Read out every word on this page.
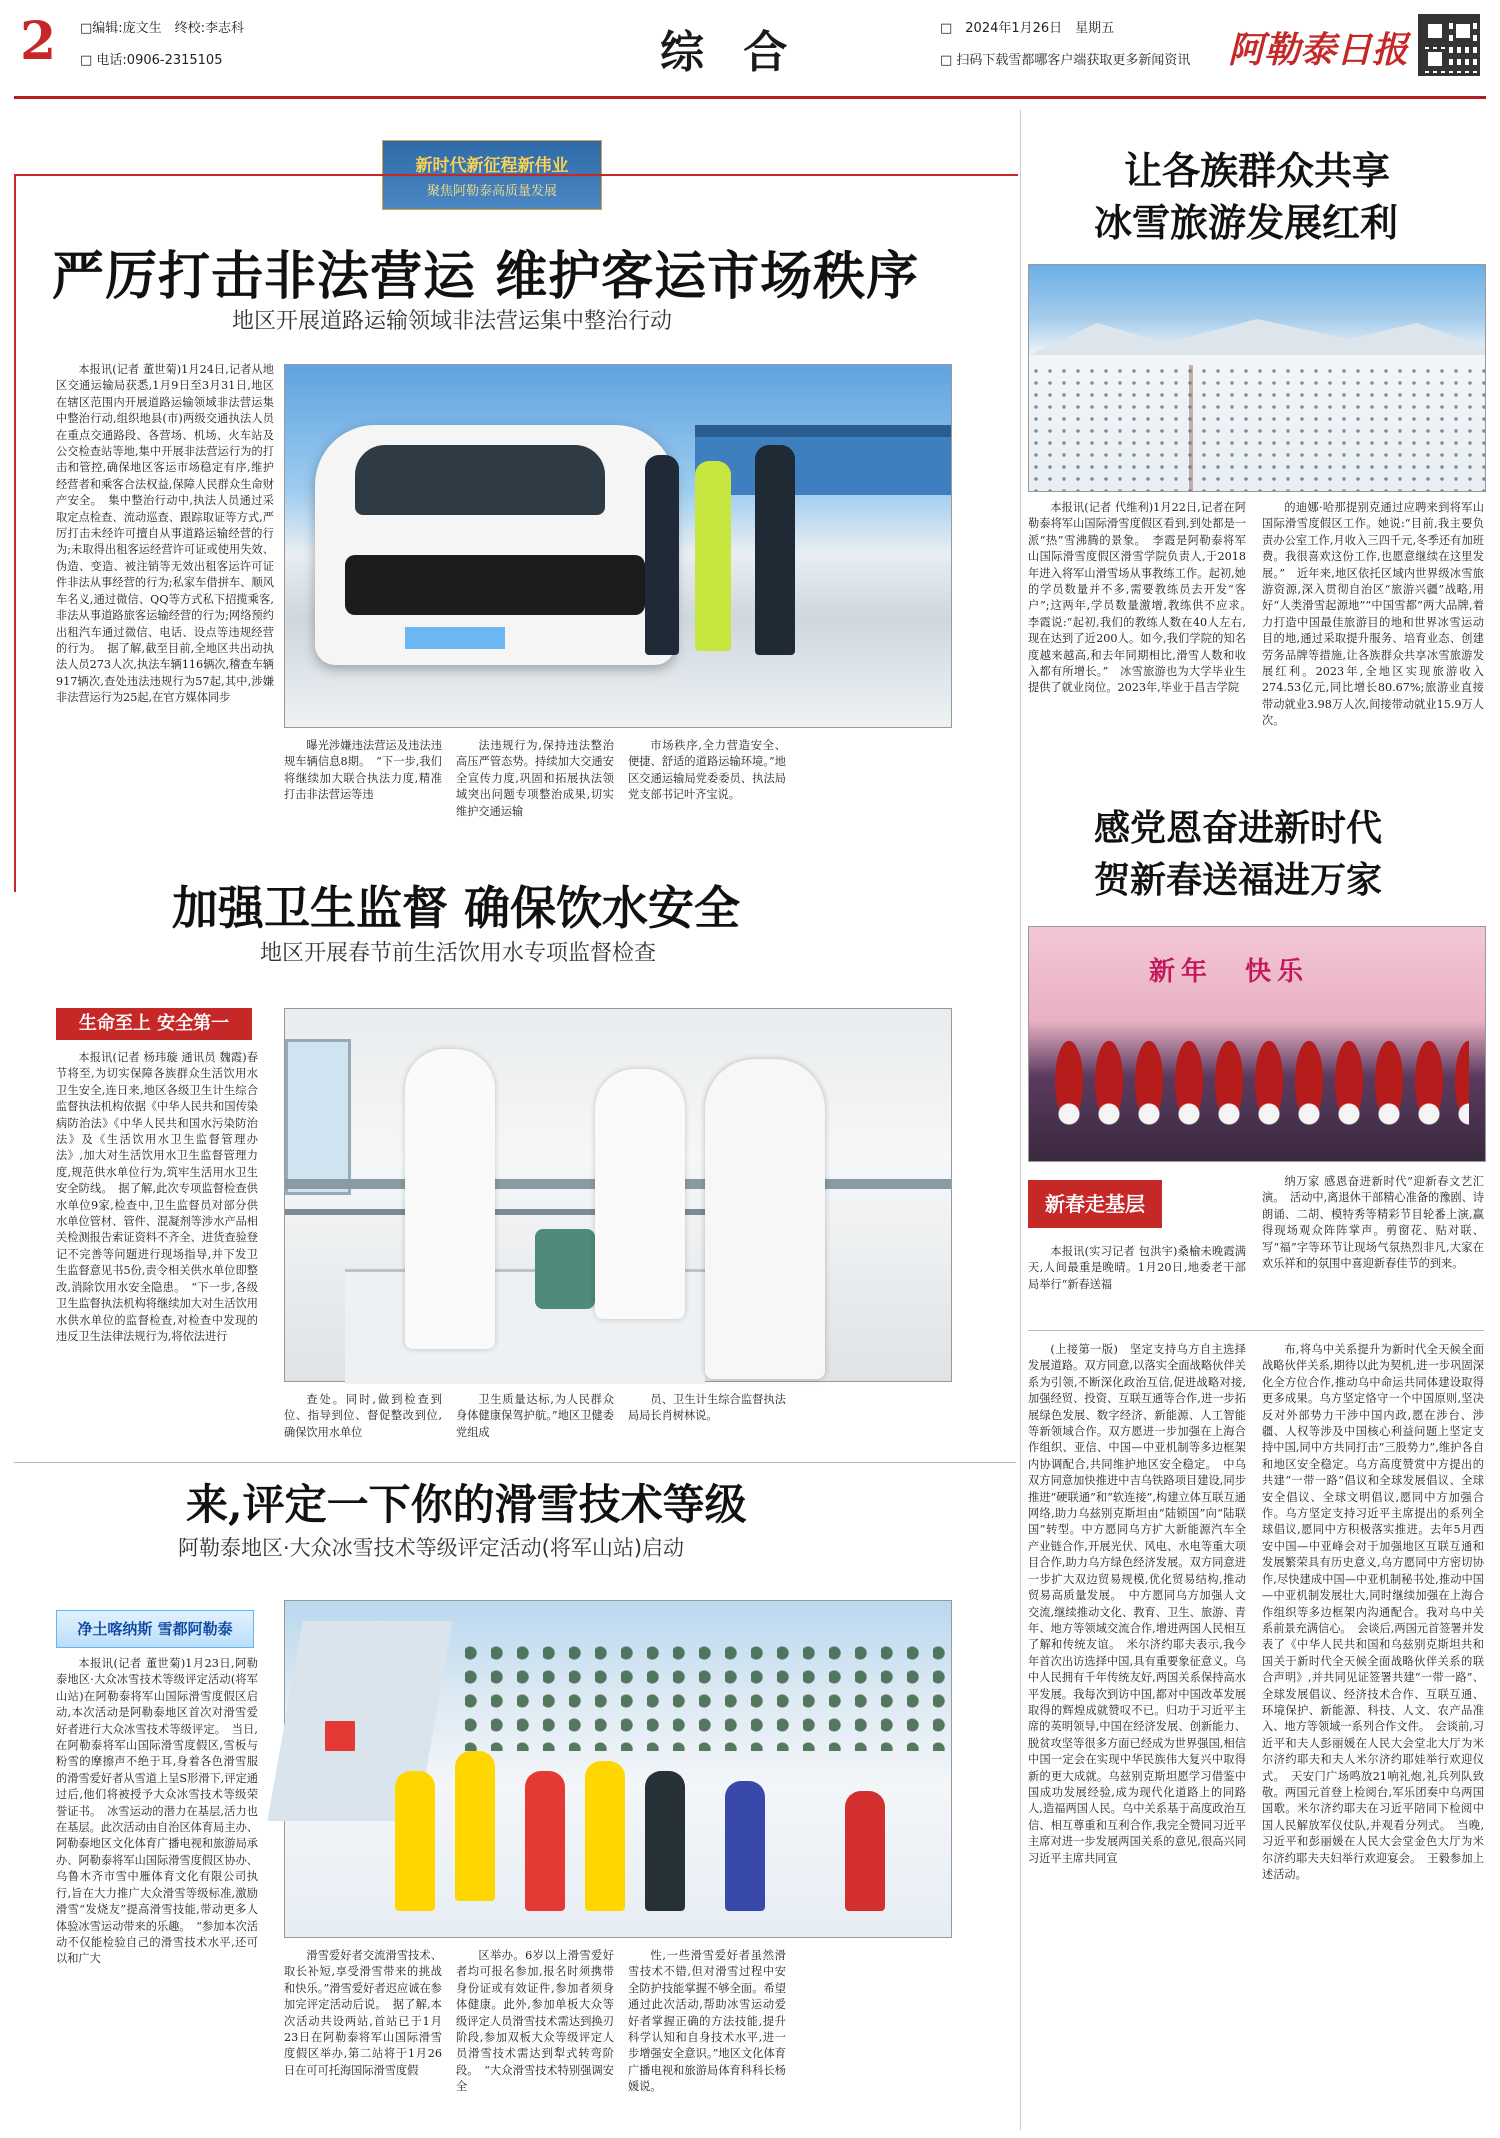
2 □编辑:庞文生　终校:李志科
□ 电话:0906-2315105	综 合	□　2024年1月26日　星期五
□ 扫码下载雪都哪客户端获取更多新闻资讯 阿勒泰日报
新时代新征程新伟业
聚焦阿勒泰高质量发展
严厉打击非法营运 维护客运市场秩序
地区开展道路运输领域非法营运集中整治行动

本报讯(记者 董世菊)1月24日,记者从地区交通运输局获悉,1月9日至3月31日,地区在辖区范围内开展道路运输领域非法营运集中整治行动,组织地县(市)两级交通执法人员在重点交通路段、各营场、机场、火车站及公交检查站等地,集中开展非法营运行为的打击和管控,确保地区客运市场稳定有序,维护经营者和乘客合法权益,保障人民群众生命财产安全。　集中整治行动中,执法人员通过采取定点检查、流动巡查、跟踪取证等方式,严厉打击未经许可擅自从事道路运输经营的行为;未取得出租客运经营许可证或使用失效、伪造、变造、被注销等无效出租客运许可证件非法从事经营的行为;私家车借拼车、顺风车名义,通过微信、QQ等方式私下招揽乘客,非法从事道路旅客运输经营的行为;网络预约出租汽车通过微信、电话、设点等违规经营的行为。　据了解,截至目前,全地区共出动执法人员273人次,执法车辆116辆次,稽查车辆917辆次,查处违法违规行为57起,其中,涉嫌非法营运行为25起,在官方媒体同步

曝光涉嫌违法营运及违法违规车辆信息8期。　“下一步,我们将继续加大联合执法力度,精准打击非法营运等违

法违规行为,保持违法整治高压严管态势。持续加大交通安全宣传力度,巩固和拓展执法领域突出问题专项整治成果,切实维护交通运输

市场秩序,全力营造安全、便捷、舒适的道路运输环境。”地区交通运输局党委委员、执法局党支部书记叶齐宝说。

加强卫生监督 确保饮水安全
地区开展春节前生活饮用水专项监督检查
生命至上 安全第一

本报讯(记者 杨玮璇 通讯员 魏霞)春节将至,为切实保障各族群众生活饮用水卫生安全,连日来,地区各级卫生计生综合监督执法机构依据《中华人民共和国传染病防治法》《中华人民共和国水污染防治法》及《生活饮用水卫生监督管理办法》,加大对生活饮用水卫生监督管理力度,规范供水单位行为,筑牢生活用水卫生安全防线。　据了解,此次专项监督检查供水单位9家,检查中,卫生监督员对部分供水单位管材、管件、混凝剂等涉水产品相关检测报告索证资料不齐全、进货查验登记不完善等问题进行现场指导,并下发卫生监督意见书5份,责令相关供水单位即整改,消除饮用水安全隐患。　“下一步,各级卫生监督执法机构将继续加大对生活饮用水供水单位的监督检查,对检查中发现的违反卫生法律法规行为,将依法进行

查处。同时,做到检查到位、指导到位、督促整改到位,确保饮用水单位

卫生质量达标,为人民群众身体健康保驾护航。”地区卫健委党组成

员、卫生计生综合监督执法局局长肖树林说。

来,评定一下你的滑雪技术等级
阿勒泰地区·大众冰雪技术等级评定活动(将军山站)启动
净土喀纳斯 雪都阿勒泰

本报讯(记者 董世菊)1月23日,阿勒泰地区·大众冰雪技术等级评定活动(将军山站)在阿勒泰将军山国际滑雪度假区启动,本次活动是阿勒泰地区首次对滑雪爱好者进行大众冰雪技术等级评定。　当日,在阿勒泰将军山国际滑雪度假区,雪板与粉雪的摩擦声不绝于耳,身着各色滑雪服的滑雪爱好者从雪道上呈S形滑下,评定通过后,他们将被授予大众冰雪技术等级荣誉证书。　冰雪运动的潜力在基层,活力也在基层。此次活动由自治区体育局主办、阿勒泰地区文化体育广播电视和旅游局承办、阿勒泰将军山国际滑雪度假区协办、乌鲁木齐市雪中雁体育文化有限公司执行,旨在大力推广大众滑雪等级标准,激励滑雪“发烧友”提高滑雪技能,带动更多人体验冰雪运动带来的乐趣。　“参加本次活动不仅能检验自己的滑雪技术水平,还可以和广大	滑雪爱好者交流滑雪技术、取长补短,享受滑雪带来的挑战和快乐。”滑雪爱好者迟应诚在参加完评定活动后说。　据了解,本次活动共设两站,首站已于1月23日在阿勒泰将军山国际滑雪度假区举办,第二站将于1月26日在可可托海国际滑雪度假

区举办。6岁以上滑雪爱好者均可报名参加,报名时须携带身份证或有效证件,参加者须身体健康。此外,参加单板大众等级评定人员滑雪技术需达到换刃阶段,参加双板大众等级评定人员滑雪技术需达到犁式转弯阶段。　“大众滑雪技术特别强调安全

性,一些滑雪爱好者虽然滑雪技术不错,但对滑雪过程中安全防护技能掌握不够全面。希望通过此次活动,帮助冰雪运动爱好者掌握正确的方法技能,提升科学认知和自身技术水平,进一步增强安全意识。”地区文化体育广播电视和旅游局体育科科长杨媛说。

让各族群众共享
冰雪旅游发展红利

本报讯(记者 代维利)1月22日,记者在阿勒泰将军山国际滑雪度假区看到,到处都是一派“热”雪沸腾的景象。　李霞是阿勒泰将军山国际滑雪度假区滑雪学院负责人,于2018年进入将军山滑雪场从事教练工作。起初,她的学员数量并不多,需要教练员去开发“客户”;这两年,学员数量激增,教练供不应求。　李霞说:“起初,我们的教练人数在40人左右,现在达到了近200人。如今,我们学院的知名度越来越高,和去年同期相比,滑雪人数和收入都有所增长。”　冰雪旅游也为大学毕业生提供了就业岗位。2023年,毕业于昌吉学院

的迪娜·哈那提别克通过应聘来到将军山国际滑雪度假区工作。她说:“目前,我主要负责办公室工作,月收入三四千元,冬季还有加班费。我很喜欢这份工作,也愿意继续在这里发展。”　近年来,地区依托区域内世界级冰雪旅游资源,深入贯彻自治区“旅游兴疆”战略,用好“人类滑雪起源地”“中国雪都”两大品牌,着力打造中国最佳旅游目的地和世界冰雪运动目的地,通过采取提升服务、培育业态、创建劳务品牌等措施,让各族群众共享冰雪旅游发展红利。2023年,全地区实现旅游收入274.53亿元,同比增长80.67%;旅游业直接带动就业3.98万人次,间接带动就业15.9万人次。

感党恩奋进新时代
贺新春送福进万家
新年　快乐
新春走基层

本报讯(实习记者 包洪宇)桑榆未晚霞满天,人间最重是晚晴。1月20日,地委老干部局举行“新春送福

纳万家 感恩奋进新时代”迎新春文艺汇演。　活动中,离退休干部精心准备的豫剧、诗朗诵、二胡、模特秀等精彩节目轮番上演,赢得现场观众阵阵掌声。剪窗花、贴对联、写“福”字等环节让现场气氛热烈非凡,大家在欢乐祥和的氛围中喜迎新春佳节的到来。

(上接第一版)　坚定支持乌方自主选择发展道路。双方同意,以落实全面战略伙伴关系为引领,不断深化政治互信,促进战略对接,加强经贸、投资、互联互通等合作,进一步拓展绿色发展、数字经济、新能源、人工智能等新领域合作。双方愿进一步加强在上海合作组织、亚信、中国—中亚机制等多边框架内协调配合,共同维护地区安全稳定。　中乌双方同意加快推进中吉乌铁路项目建设,同步推进“硬联通”和“软连接”,构建立体互联互通网络,助力乌兹别克斯坦由“陆锁国”向“陆联国”转型。中方愿同乌方扩大新能源汽车全产业链合作,开展光伏、风电、水电等重大项目合作,助力乌方绿色经济发展。双方同意进一步扩大双边贸易规模,优化贸易结构,推动贸易高质量发展。　中方愿同乌方加强人文交流,继续推动文化、教育、卫生、旅游、青年、地方等领域交流合作,增进两国人民相互了解和传统友谊。　米尔济约耶夫表示,我今年首次出访选择中国,具有重要象征意义。乌中人民拥有千年传统友好,两国关系保持高水平发展。我每次到访中国,都对中国改革发展取得的辉煌成就赞叹不已。归功于习近平主席的英明领导,中国在经济发展、创新能力、脱贫攻坚等很多方面已经成为世界强国,相信中国一定会在实现中华民族伟大复兴中取得新的更大成就。乌兹别克斯坦愿学习借鉴中国成功发展经验,成为现代化道路上的同路人,造福两国人民。乌中关系基于高度政治互信、相互尊重和互利合作,我完全赞同习近平主席对进一步发展两国关系的意见,很高兴同习近平主席共同宣

布,将乌中关系提升为新时代全天候全面战略伙伴关系,期待以此为契机,进一步巩固深化全方位合作,推动乌中命运共同体建设取得更多成果。乌方坚定恪守一个中国原则,坚决反对外部势力干涉中国内政,愿在涉台、涉疆、人权等涉及中国核心利益问题上坚定支持中国,同中方共同打击“三股势力”,维护各自和地区安全稳定。乌方高度赞赏中方提出的共建“一带一路”倡议和全球发展倡议、全球安全倡议、全球文明倡议,愿同中方加强合作。乌方坚定支持习近平主席提出的系列全球倡议,愿同中方积极落实推进。去年5月西安中国—中亚峰会对于加强地区互联互通和发展繁荣具有历史意义,乌方愿同中方密切协作,尽快建成中国—中亚机制秘书处,推动中国—中亚机制发展壮大,同时继续加强在上海合作组织等多边框架内沟通配合。我对乌中关系前景充满信心。　会谈后,两国元首签署并发表了《中华人民共和国和乌兹别克斯坦共和国关于新时代全天候全面战略伙伴关系的联合声明》,并共同见证签署共建“一带一路”、全球发展倡议、经济技术合作、互联互通、环境保护、新能源、科技、人文、农产品准入、地方等领域一系列合作文件。　会谈前,习近平和夫人彭丽媛在人民大会堂北大厅为米尔济约耶夫和夫人米尔济约耶娃举行欢迎仪式。　天安门广场鸣放21响礼炮,礼兵列队致敬。两国元首登上检阅台,军乐团奏中乌两国国歌。米尔济约耶夫在习近平陪同下检阅中国人民解放军仪仗队,并观看分列式。　当晚,习近平和彭丽媛在人民大会堂金色大厅为米尔济约耶夫夫妇举行欢迎宴会。　王毅参加上述活动。
